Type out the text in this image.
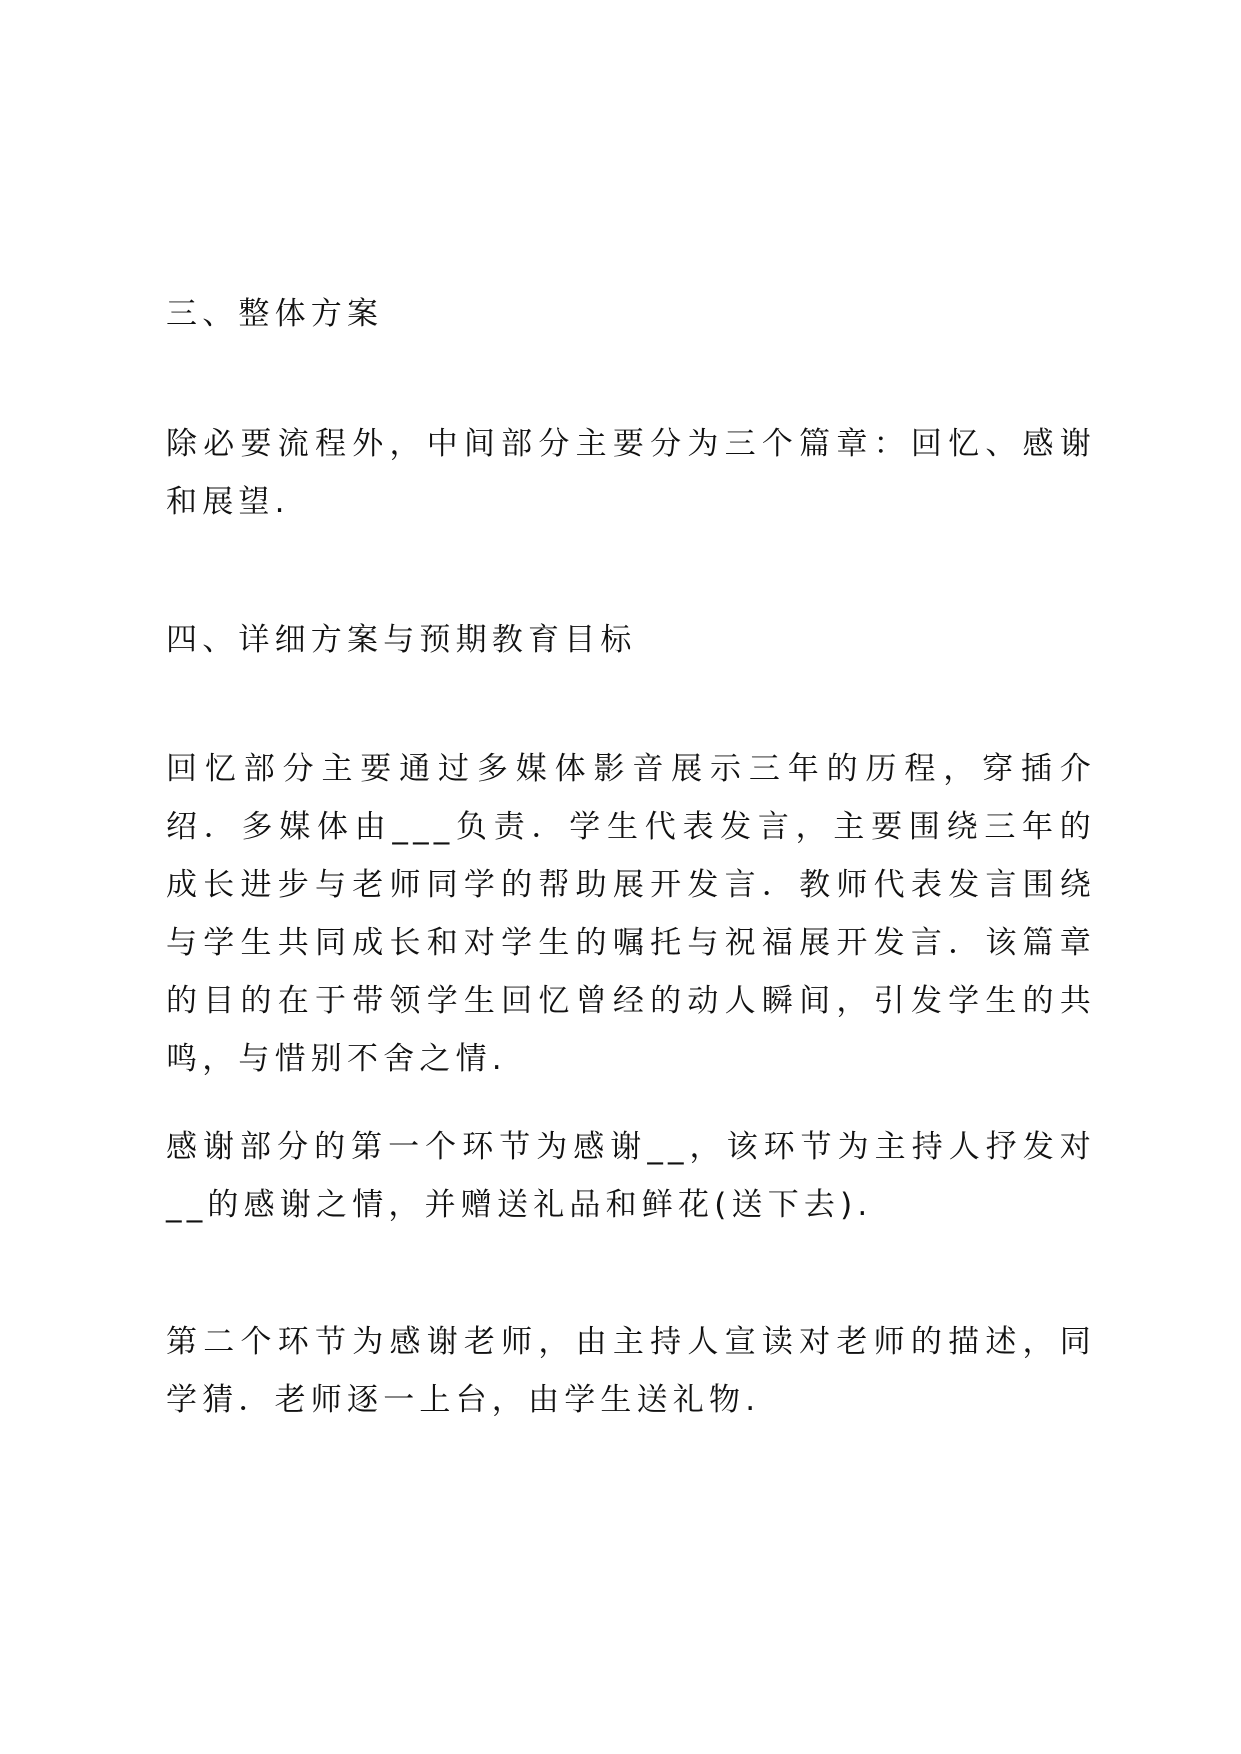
三、整体方案

除必要流程外，中间部分主要分为三个篇章：回忆、感谢和展望.

四、详细方案与预期教育目标

回忆部分主要通过多媒体影音展示三年的历程，穿插介绍．多媒体由___负责．学生代表发言，主要围绕三年的成长进步与老师同学的帮助展开发言．教师代表发言围绕与学生共同成长和对学生的嘱托与祝福展开发言．该篇章的目的在于带领学生回忆曾经的动人瞬间，引发学生的共鸣，与惜别不舍之情.

感谢部分的第一个环节为感谢__，该环节为主持人抒发对__的感谢之情，并赠送礼品和鲜花(送下去).

第二个环节为感谢老师，由主持人宣读对老师的描述，同学猜．老师逐一上台，由学生送礼物.
